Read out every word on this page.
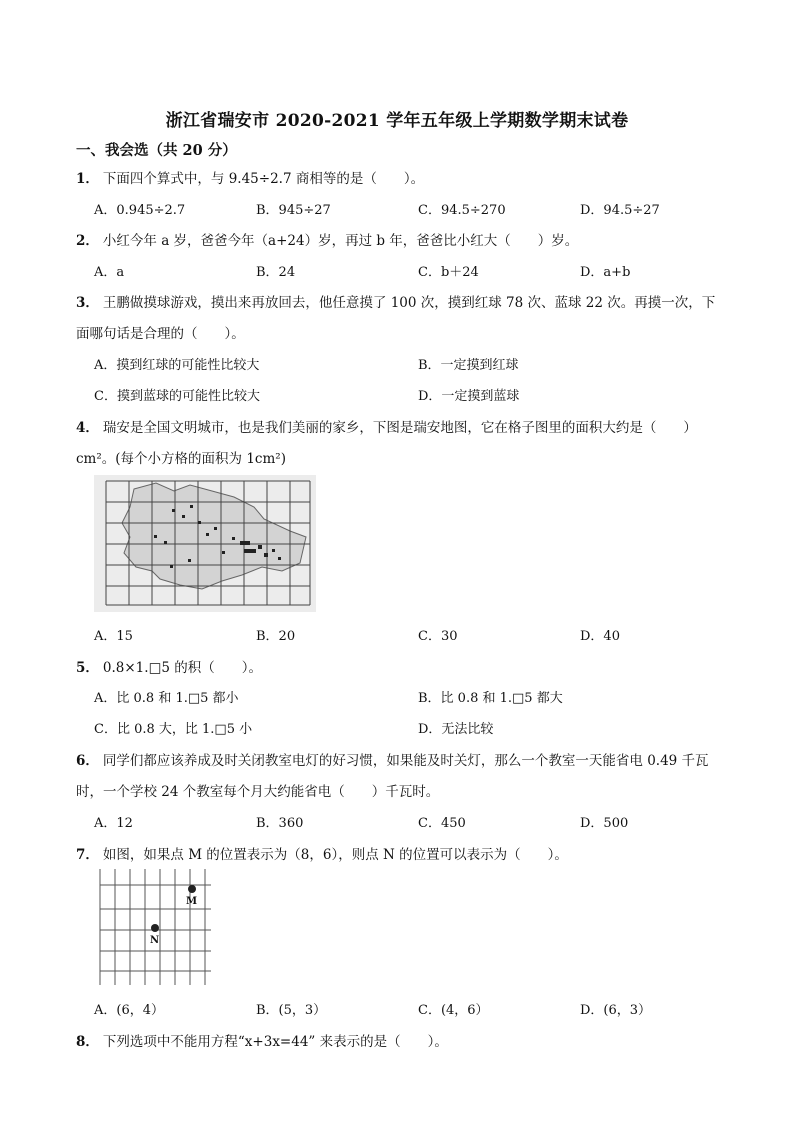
浙江省瑞安市 2020-2021 学年五年级上学期数学期末试卷
一、我会选（共 20 分）
1． 下面四个算式中，与 9.45÷2.7 商相等的是（　　）。
A．0.945÷2.7	B．945÷27	C．94.5÷270	D．94.5÷27
2． 小红今年 a 岁，爸爸今年（a+24）岁，再过 b 年，爸爸比小红大（　　）岁。
A．a	B．24	C．b＋24	D．a+b
3． 王鹏做摸球游戏，摸出来再放回去，他任意摸了 100 次，摸到红球 78 次、蓝球 22 次。再摸一次，下
面哪句话是合理的（　　）。
A．摸到红球的可能性比较大	B．一定摸到红球
C．摸到蓝球的可能性比较大	D．一定摸到蓝球
4． 瑞安是全国文明城市，也是我们美丽的家乡，下图是瑞安地图，它在格子图里的面积大约是（　　）
cm²。(每个小方格的面积为 1cm²)
A．15	B．20	C．30	D．40
5． 0.8×1.□5 的积（　　）。
A．比 0.8 和 1.□5 都小	B．比 0.8 和 1.□5 都大
C．比 0.8 大，比 1.□5 小	D．无法比较
6． 同学们都应该养成及时关闭教室电灯的好习惯，如果能及时关灯，那么一个教室一天能省电 0.49 千瓦
时，一个学校 24 个教室每个月大约能省电（　　）千瓦时。
A．12	B．360	C．450	D．500
7． 如图，如果点 M 的位置表示为（8，6），则点 N 的位置可以表示为（　　）。
M
N
A．(6，4）	B．(5，3）	C．(4，6）	D．(6，3）
8． 下列选项中不能用方程“x+3x=44” 来表示的是（　　）。
